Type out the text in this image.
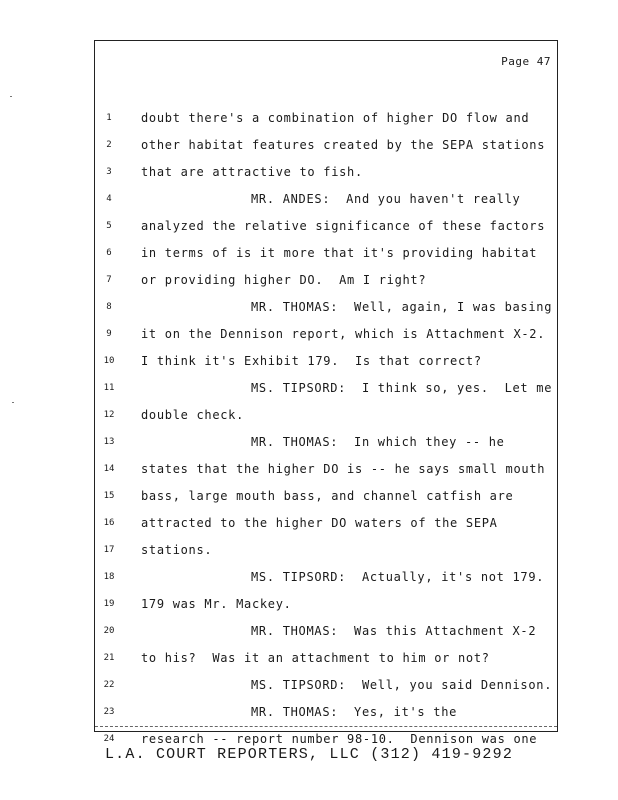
Page 47
1	doubt there's a combination of higher DO flow and
2	other habitat features created by the SEPA stations
3	that are attractive to fish.
4	MR. ANDES:  And you haven't really
5	analyzed the relative significance of these factors
6	in terms of is it more that it's providing habitat
7	or providing higher DO.  Am I right?
8	MR. THOMAS:  Well, again, I was basing
9	it on the Dennison report, which is Attachment X-2.
10	I think it's Exhibit 179.  Is that correct?
11	MS. TIPSORD:  I think so, yes.  Let me
12	double check.
13	MR. THOMAS:  In which they -- he
14	states that the higher DO is -- he says small mouth
15	bass, large mouth bass, and channel catfish are
16	attracted to the higher DO waters of the SEPA
17	stations.
18	MS. TIPSORD:  Actually, it's not 179.
19	179 was Mr. Mackey.
20	MR. THOMAS:  Was this Attachment X-2
21	to his?  Was it an attachment to him or not?
22	MS. TIPSORD:  Well, you said Dennison.
23	MR. THOMAS:  Yes, it's the
24	research -- report number 98-10.  Dennison was one
L.A. COURT REPORTERS, LLC (312) 419-9292
